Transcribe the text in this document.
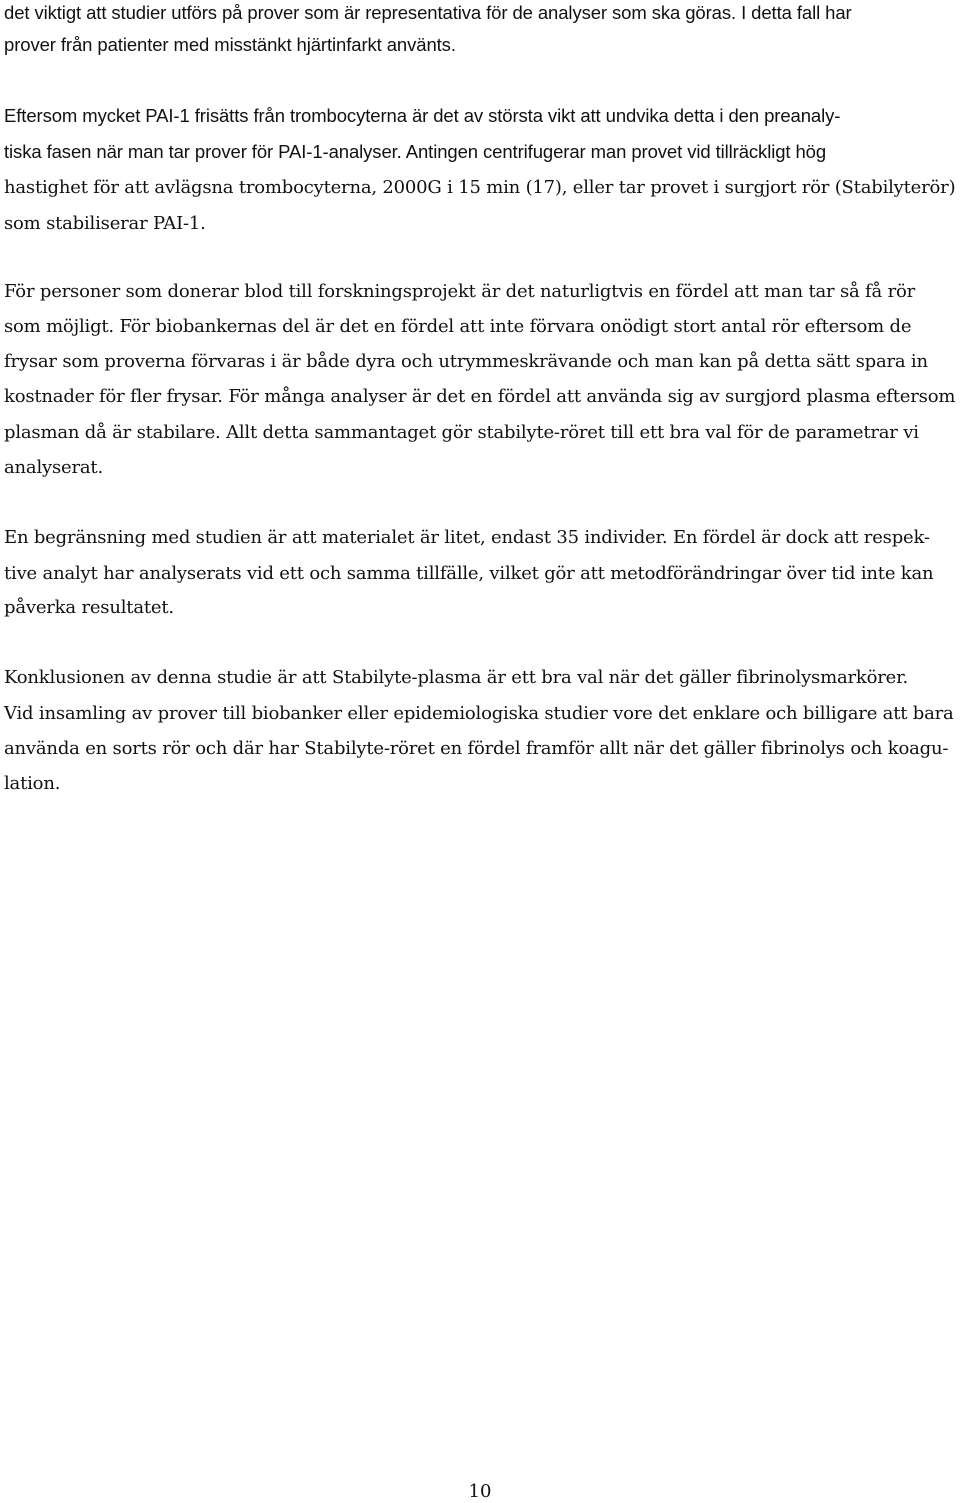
det viktigt att studier utförs på prover som är representativa för de analyser som ska göras. I detta fall har
prover från patienter med misstänkt hjärtinfarkt använts.
Eftersom mycket PAI-1 frisätts från trombocyterna är det av största vikt att undvika detta i den preanaly-
tiska fasen när man tar prover för PAI-1-analyser. Antingen centrifugerar man provet vid tillräckligt hög
hastighet för att avlägsna trombocyterna, 2000G i 15 min (17), eller tar provet i surgjort rör (Stabilyterör)
som stabiliserar PAI-1.
För personer som donerar blod till forskningsprojekt är det naturligtvis en fördel att man tar så få rör
som möjligt. För biobankernas del är det en fördel att inte förvara onödigt stort antal rör eftersom de
frysar som proverna förvaras i är både dyra och utrymmeskrävande och man kan på detta sätt spara in
kostnader för fler frysar. För många analyser är det en fördel att använda sig av surgjord plasma eftersom
plasman då är stabilare. Allt detta sammantaget gör stabilyte-röret till ett bra val för de parametrar vi
analyserat.
En begränsning med studien är att materialet är litet, endast 35 individer. En fördel är dock att respek-
tive analyt har analyserats vid ett och samma tillfälle, vilket gör att metodförändringar över tid inte kan
påverka resultatet.
Konklusionen av denna studie är att Stabilyte-plasma är ett bra val när det gäller fibrinolysmarkörer.
Vid insamling av prover till biobanker eller epidemiologiska studier vore det enklare och billigare att bara
använda en sorts rör och där har Stabilyte-röret en fördel framför allt när det gäller fibrinolys och koagu-
lation.
10
